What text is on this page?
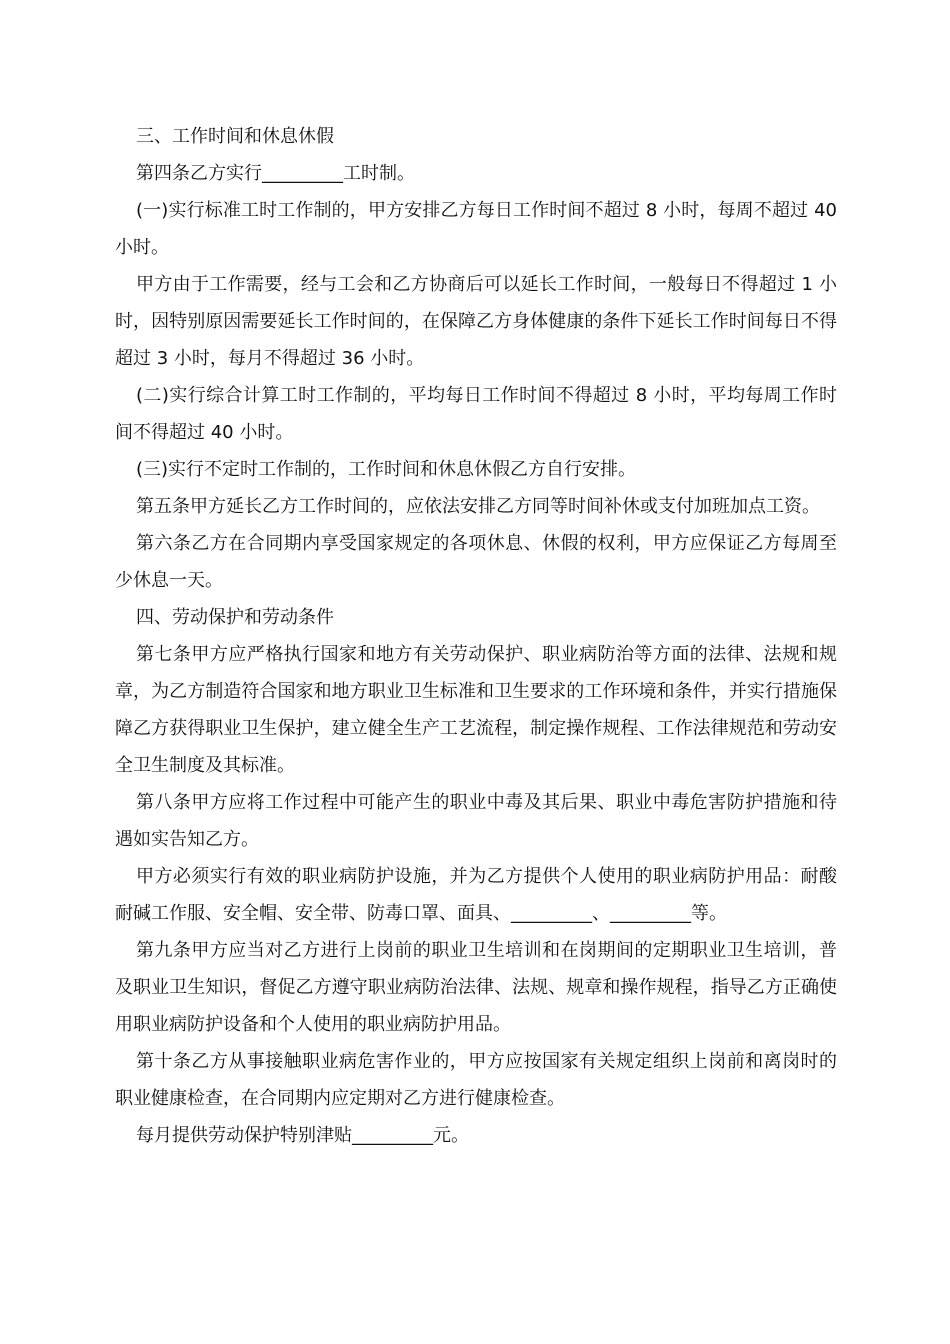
三、工作时间和休息休假

第四条乙方实行_________工时制。

(一)实行标准工时工作制的，甲方安排乙方每日工作时间不超过 8 小时，每周不超过 40 小时。

甲方由于工作需要，经与工会和乙方协商后可以延长工作时间，一般每日不得超过 1 小时，因特别原因需要延长工作时间的，在保障乙方身体健康的条件下延长工作时间每日不得超过 3 小时，每月不得超过 36 小时。

(二)实行综合计算工时工作制的，平均每日工作时间不得超过 8 小时，平均每周工作时间不得超过 40 小时。

(三)实行不定时工作制的，工作时间和休息休假乙方自行安排。

第五条甲方延长乙方工作时间的，应依法安排乙方同等时间补休或支付加班加点工资。

第六条乙方在合同期内享受国家规定的各项休息、休假的权利，甲方应保证乙方每周至少休息一天。

四、劳动保护和劳动条件

第七条甲方应严格执行国家和地方有关劳动保护、职业病防治等方面的法律、法规和规章，为乙方制造符合国家和地方职业卫生标准和卫生要求的工作环境和条件，并实行措施保障乙方获得职业卫生保护，建立健全生产工艺流程，制定操作规程、工作法律规范和劳动安全卫生制度及其标准。

第八条甲方应将工作过程中可能产生的职业中毒及其后果、职业中毒危害防护措施和待遇如实告知乙方。

甲方必须实行有效的职业病防护设施，并为乙方提供个人使用的职业病防护用品：耐酸耐碱工作服、安全帽、安全带、防毒口罩、面具、_________、_________等。

第九条甲方应当对乙方进行上岗前的职业卫生培训和在岗期间的定期职业卫生培训，普及职业卫生知识，督促乙方遵守职业病防治法律、法规、规章和操作规程，指导乙方正确使用职业病防护设备和个人使用的职业病防护用品。

第十条乙方从事接触职业病危害作业的，甲方应按国家有关规定组织上岗前和离岗时的职业健康检查，在合同期内应定期对乙方进行健康检查。

每月提供劳动保护特别津贴_________元。
